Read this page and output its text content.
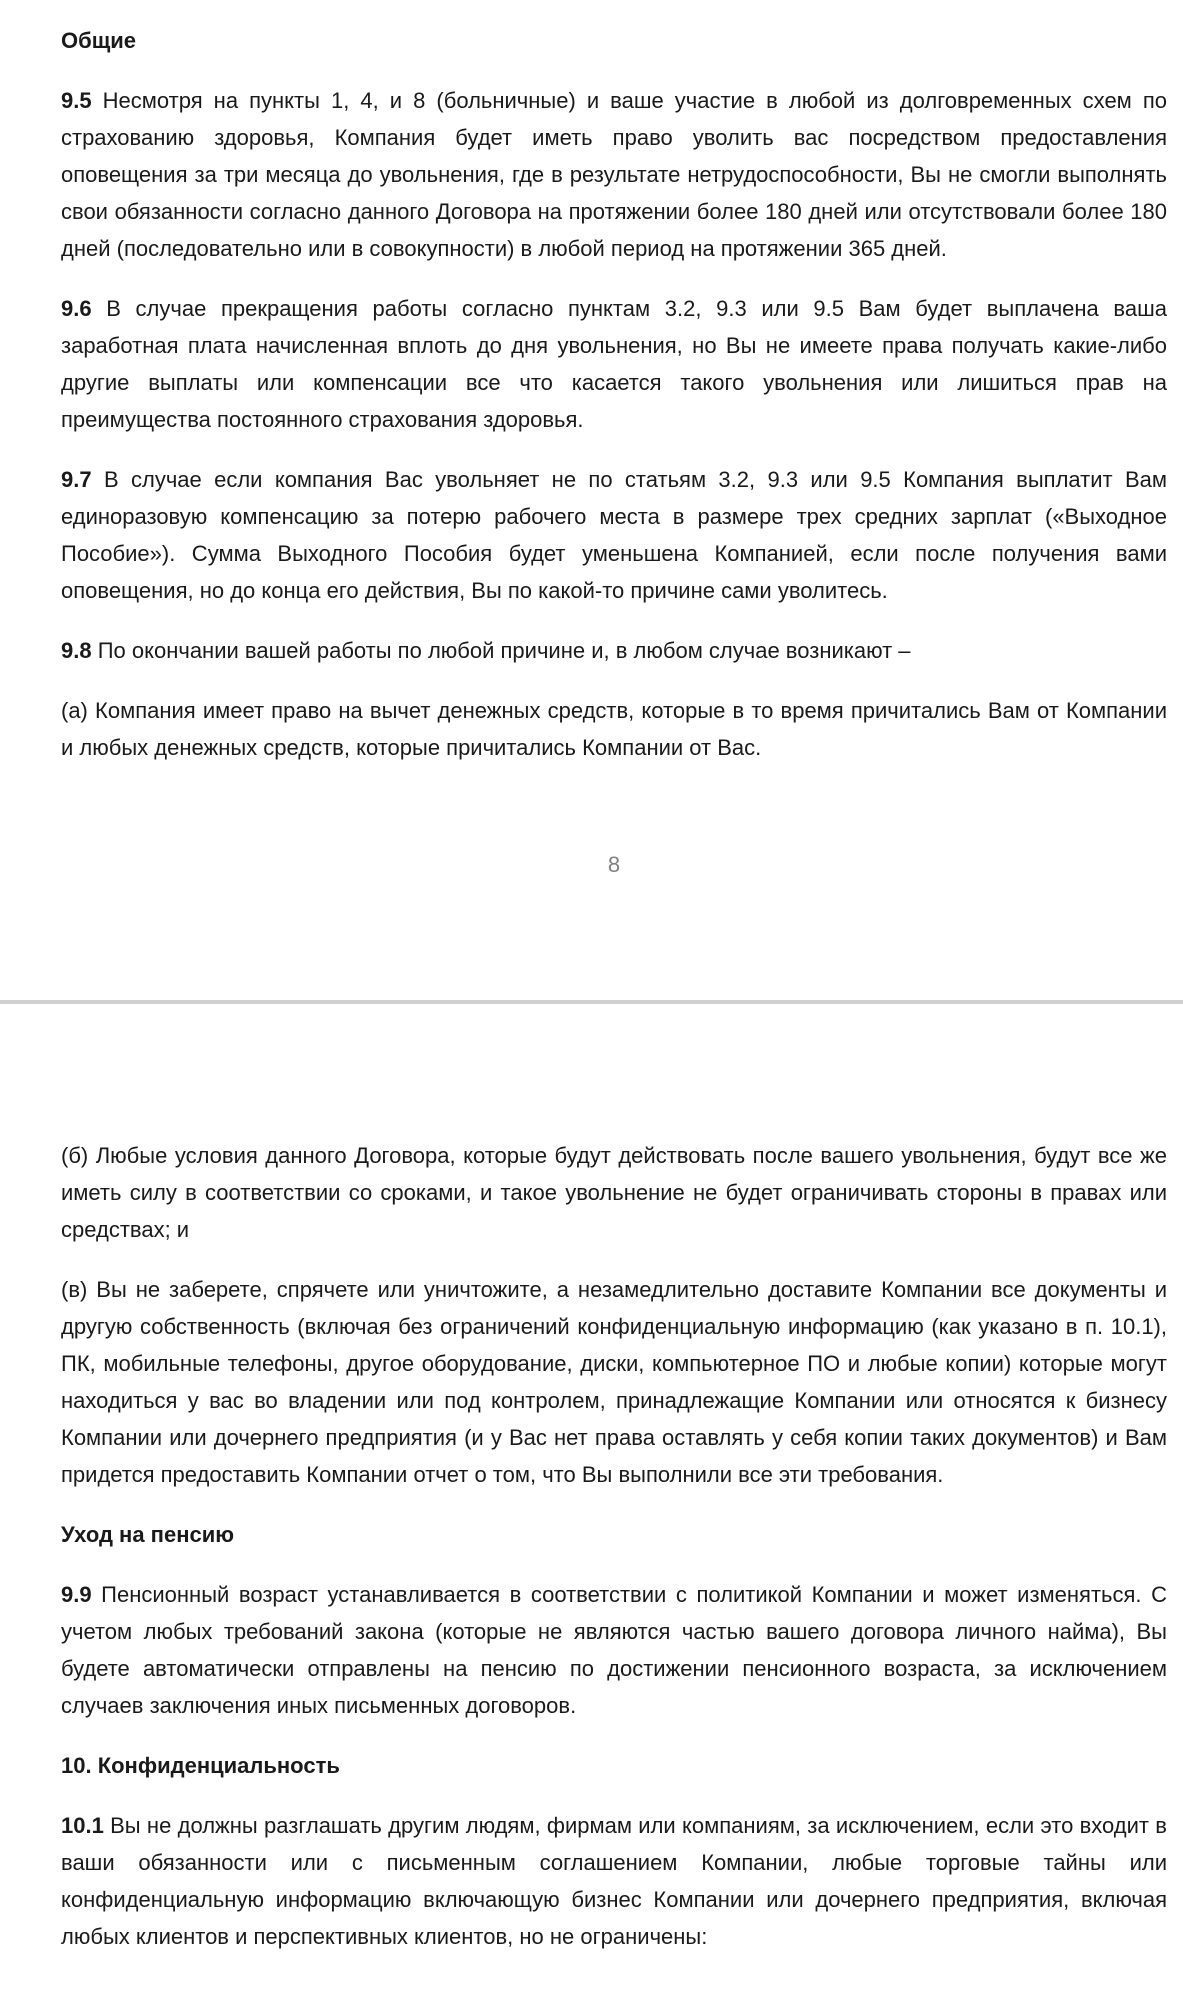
Общие

9.5 Несмотря на пункты 1, 4, и 8 (больничные) и ваше участие в любой из долговременных схем по страхованию здоровья, Компания будет иметь право уволить вас посредством предоставления оповещения за три месяца до увольнения, где в результате нетрудоспособности, Вы не смогли выполнять свои обязанности согласно данного Договора на протяжении более 180 дней или отсутствовали более 180 дней (последовательно или в совокупности) в любой период на протяжении 365 дней.

9.6 В случае прекращения работы согласно пунктам 3.2, 9.3 или 9.5 Вам будет выплачена ваша заработная плата начисленная вплоть до дня увольнения, но Вы не имеете права получать какие-либо другие выплаты или компенсации все что касается такого увольнения или лишиться прав на преимущества постоянного страхования здоровья.

9.7 В случае если компания Вас увольняет не по статьям 3.2, 9.3 или 9.5 Компания выплатит Вам единоразовую компенсацию за потерю рабочего места в размере трех средних зарплат («Выходное Пособие»). Сумма Выходного Пособия будет уменьшена Компанией, если после получения вами оповещения, но до конца его действия, Вы по какой-то причине сами уволитесь.

9.8 По окончании вашей работы по любой причине и, в любом случае возникают –

(а) Компания имеет право на вычет денежных средств, которые в то время причитались Вам от Компании и любых денежных средств, которые причитались Компании от Вас.

8

(б) Любые условия данного Договора, которые будут действовать после вашего увольнения, будут все же иметь силу в соответствии со сроками, и такое увольнение не будет ограничивать стороны в правах или средствах; и

(в) Вы не заберете, спрячете или уничтожите, а незамедлительно доставите Компании все документы и другую собственность (включая без ограничений конфиденциальную информацию (как указано в п. 10.1), ПК, мобильные телефоны, другое оборудование, диски, компьютерное ПО и любые копии) которые могут находиться у вас во владении или под контролем, принадлежащие Компании или относятся к бизнесу Компании или дочернего предприятия (и у Вас нет права оставлять у себя копии таких документов) и Вам придется предоставить Компании отчет о том, что Вы выполнили все эти требования.

Уход на пенсию

9.9 Пенсионный возраст устанавливается в соответствии с политикой Компании и может изменяться. С учетом любых требований закона (которые не являются частью вашего договора личного найма), Вы будете автоматически отправлены на пенсию по достижении пенсионного возраста, за исключением случаев заключения иных письменных договоров.

10. Конфиденциальность

10.1 Вы не должны разглашать другим людям, фирмам или компаниям, за исключением, если это входит в ваши обязанности или с письменным соглашением Компании, любые торговые тайны или конфиденциальную информацию включающую бизнес Компании или дочернего предприятия, включая любых клиентов и перспективных клиентов, но не ограничены:
